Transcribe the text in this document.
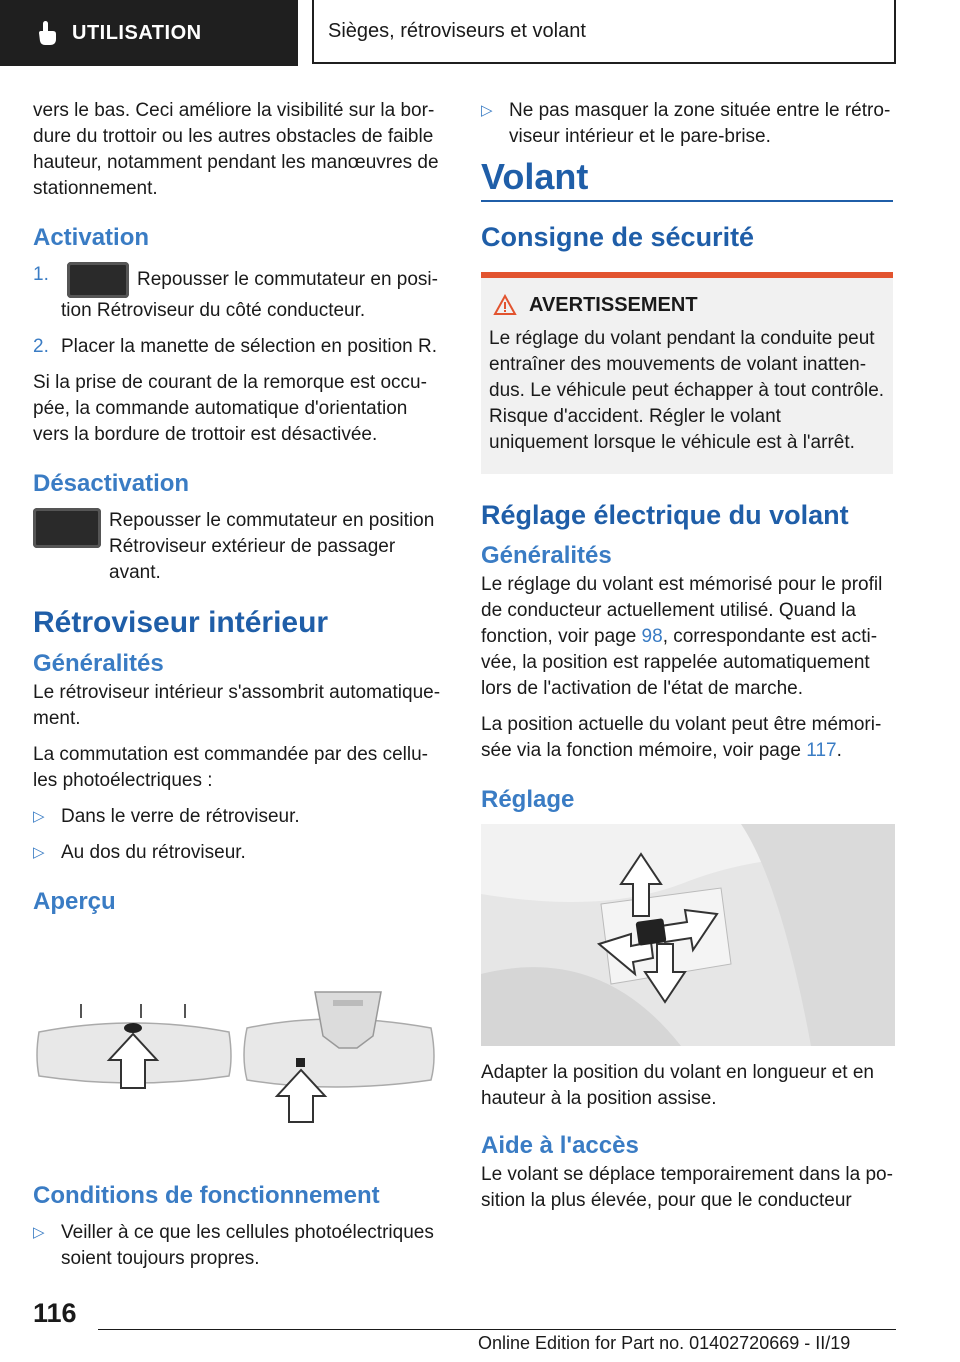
UTILISATION	Sièges, rétroviseurs et volant

vers le bas. Ceci améliore la visibilité sur la bordure du trottoir ou les autres obstacles de faible hauteur, notamment pendant les manœuvres de stationnement.

Activation
1.	Repousser le commutateur en position Rétroviseur du côté conducteur.
2. Placer la manette de sélection en position R.

Si la prise de courant de la remorque est occupée, la commande automatique d'orientation vers la bordure de trottoir est désactivée.

Désactivation
Repousser le commutateur en position Rétroviseur extérieur de passager avant.
Rétroviseur intérieur
Généralités

Le rétroviseur intérieur s'assombrit automatiquement.

La commutation est commandée par des cellules photoélectriques :

▷ Dans le verre de rétroviseur.
▷ Au dos du rétroviseur.
Aperçu
Conditions de fonctionnement
▷ Veiller à ce que les cellules photoélectriques soient toujours propres.
▷ Ne pas masquer la zone située entre le rétroviseur intérieur et le pare-brise.
Volant
Consigne de sécurité
AVERTISSEMENT

Le réglage du volant pendant la conduite peut entraîner des mouvements de volant inattendus. Le véhicule peut échapper à tout contrôle. Risque d'accident. Régler le volant uniquement lorsque le véhicule est à l'arrêt.

Réglage électrique du volant
Généralités

Le réglage du volant est mémorisé pour le profil de conducteur actuellement utilisé. Quand la fonction, voir page 98, correspondante est activée, la position est rappelée automatiquement lors de l'activation de l'état de marche.

La position actuelle du volant peut être mémorisée via la fonction mémoire, voir page 117.

Réglage

Adapter la position du volant en longueur et en hauteur à la position assise.

Aide à l'accès

Le volant se déplace temporairement dans la position la plus élevée, pour que le conducteur

116
Online Edition for Part no. 01402720669 - II/19
